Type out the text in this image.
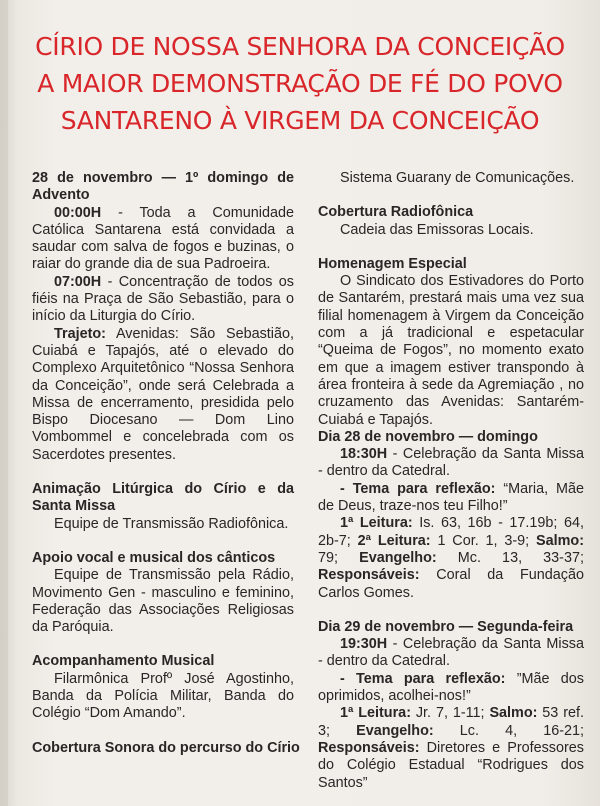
CÍRIO DE NOSSA SENHORA DA CONCEIÇÃO
A MAIOR DEMONSTRAÇÃO DE FÉ DO POVO
SANTARENO À VIRGEM DA CONCEIÇÃO

28 de novembro — 1º domingo de Advento

00:00H - Toda a Comunidade Católica Santarena está convidada a saudar com salva de fogos e buzinas, o raiar do grande dia de sua Padroeira.

07:00H - Concentração de todos os fiéis na Praça de São Sebastião, para o início da Liturgia do Círio.

Trajeto: Avenidas: São Sebastião, Cuiabá e Tapajós, até o elevado do Complexo Arquitetônico “Nossa Senhora da Conceição”, onde será Celebrada a Missa de encerramento, presidida pelo Bispo Diocesano — Dom Lino Vombommel e concelebrada com os Sacerdotes presentes.

Animação Litúrgica do Círio e da Santa Missa

Equipe de Transmissão Radiofônica.

Apoio vocal e musical dos cânticos

Equipe de Transmissão pela Rádio, Movimento Gen - masculino e feminino, Federação das Associações Religiosas da Paróquia.

Acompanhamento Musical

Filarmônica Profº José Agostinho, Banda da Polícia Militar, Banda do Colégio “Dom Amando”.

Cobertura Sonora do percurso do Círio

Sistema Guarany de Comunicações.

Cobertura Radiofônica

Cadeia das Emissoras Locais.

Homenagem Especial

O Sindicato dos Estivadores do Porto de Santarém, prestará mais uma vez sua filial homenagem à Virgem da Conceição com a já tradicional e espetacular “Queima de Fogos”, no momento exato em que a imagem estiver transpondo à área fronteira à sede da Agremiação , no cruzamento das Avenidas: Santarém-Cuiabá e Tapajós.

Dia 28 de novembro — domingo

18:30H - Celebração da Santa Missa - dentro da Catedral.

- Tema para reflexão: “Maria, Mãe de Deus, traze-nos teu Filho!”

1ª Leitura: Is. 63, 16b - 17.19b; 64, 2b-7; 2ª Leitura: 1 Cor. 1, 3-9; Salmo: 79; Evangelho: Mc. 13, 33-37; Responsáveis: Coral da Fundação Carlos Gomes.

Dia 29 de novembro — Segunda-feira

19:30H - Celebração da Santa Missa - dentro da Catedral.

- Tema para reflexão: ”Mãe dos oprimidos, acolhei-nos!”

1ª Leitura: Jr. 7, 1-11; Salmo: 53 ref. 3; Evangelho: Lc. 4, 16-21; Responsáveis: Diretores e Professores do Colégio Estadual “Rodrigues dos Santos”
